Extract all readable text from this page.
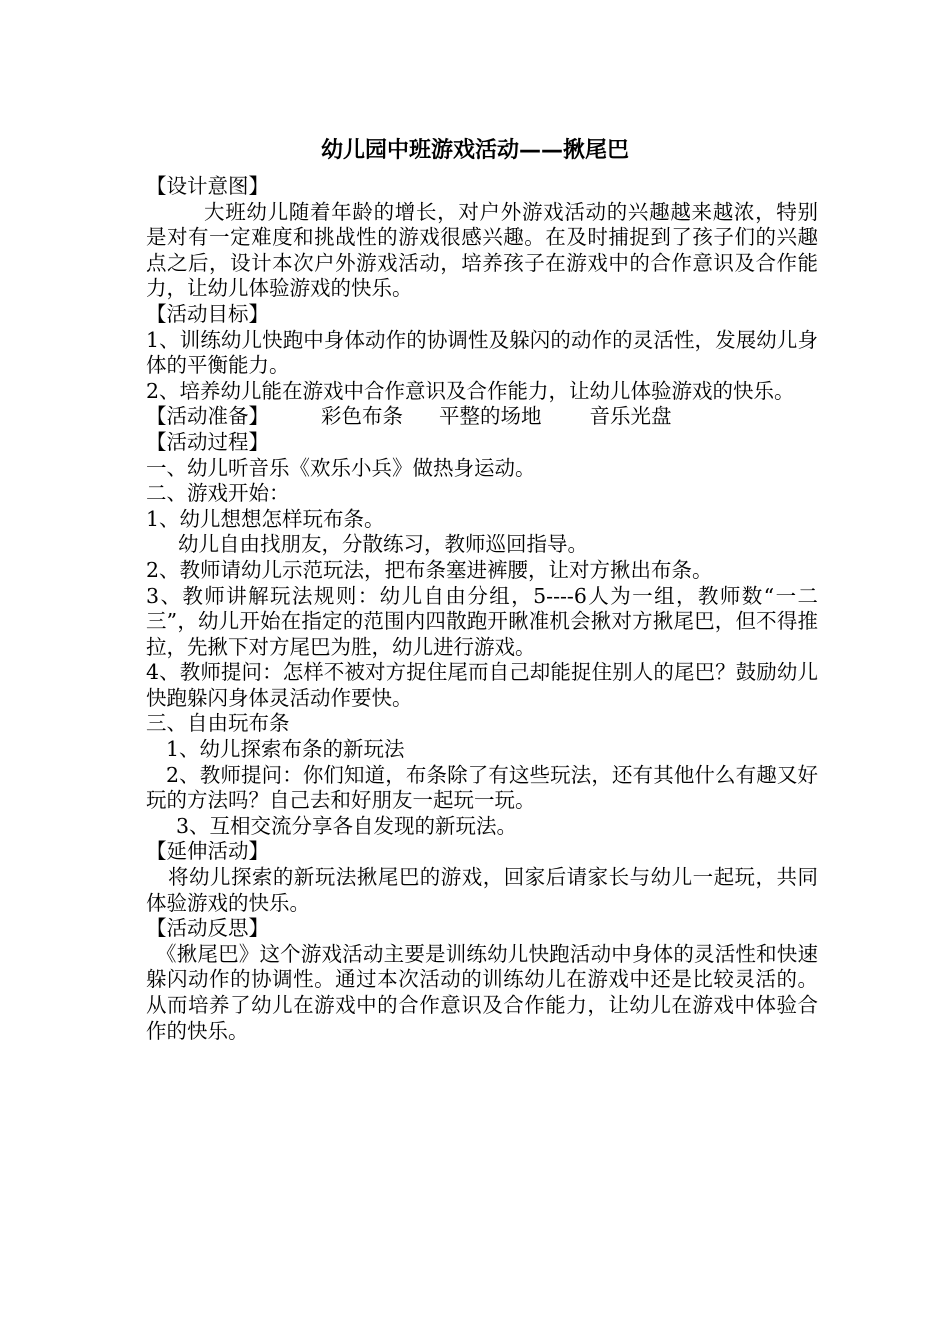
幼儿园中班游戏活动——揪尾巴

【设计意图】

大班幼儿随着年龄的增长，对户外游戏活动的兴趣越来越浓，特别是对有一定难度和挑战性的游戏很感兴趣。在及时捕捉到了孩子们的兴趣点之后，设计本次户外游戏活动，培养孩子在游戏中的合作意识及合作能力，让幼儿体验游戏的快乐。

【活动目标】

1、训练幼儿快跑中身体动作的协调性及躲闪的动作的灵活性，发展幼儿身体的平衡能力。

2、培养幼儿能在游戏中合作意识及合作能力，让幼儿体验游戏的快乐。

【活动准备】	彩色布条 平整的场地 音乐光盘

【活动过程】

一、幼儿听音乐《欢乐小兵》做热身运动。

二、游戏开始：

1、幼儿想想怎样玩布条。

幼儿自由找朋友，分散练习，教师巡回指导。

2、教师请幼儿示范玩法，把布条塞进裤腰，让对方揪出布条。

3、教师讲解玩法规则：幼儿自由分组，5----6人为一组，教师数“一二三”，幼儿开始在指定的范围内四散跑开瞅准机会揪对方揪尾巴，但不得推拉，先揪下对方尾巴为胜，幼儿进行游戏。

4、教师提问：怎样不被对方捉住尾而自己却能捉住别人的尾巴？鼓励幼儿快跑躲闪身体灵活动作要快。

三、自由玩布条

1、幼儿探索布条的新玩法

2、教师提问：你们知道，布条除了有这些玩法，还有其他什么有趣又好玩的方法吗？自己去和好朋友一起玩一玩。

3、互相交流分享各自发现的新玩法。

【延伸活动】

将幼儿探索的新玩法揪尾巴的游戏，回家后请家长与幼儿一起玩，共同体验游戏的快乐。

【活动反思】

《揪尾巴》这个游戏活动主要是训练幼儿快跑活动中身体的灵活性和快速躲闪动作的协调性。通过本次活动的训练幼儿在游戏中还是比较灵活的。从而培养了幼儿在游戏中的合作意识及合作能力，让幼儿在游戏中体验合作的快乐。
